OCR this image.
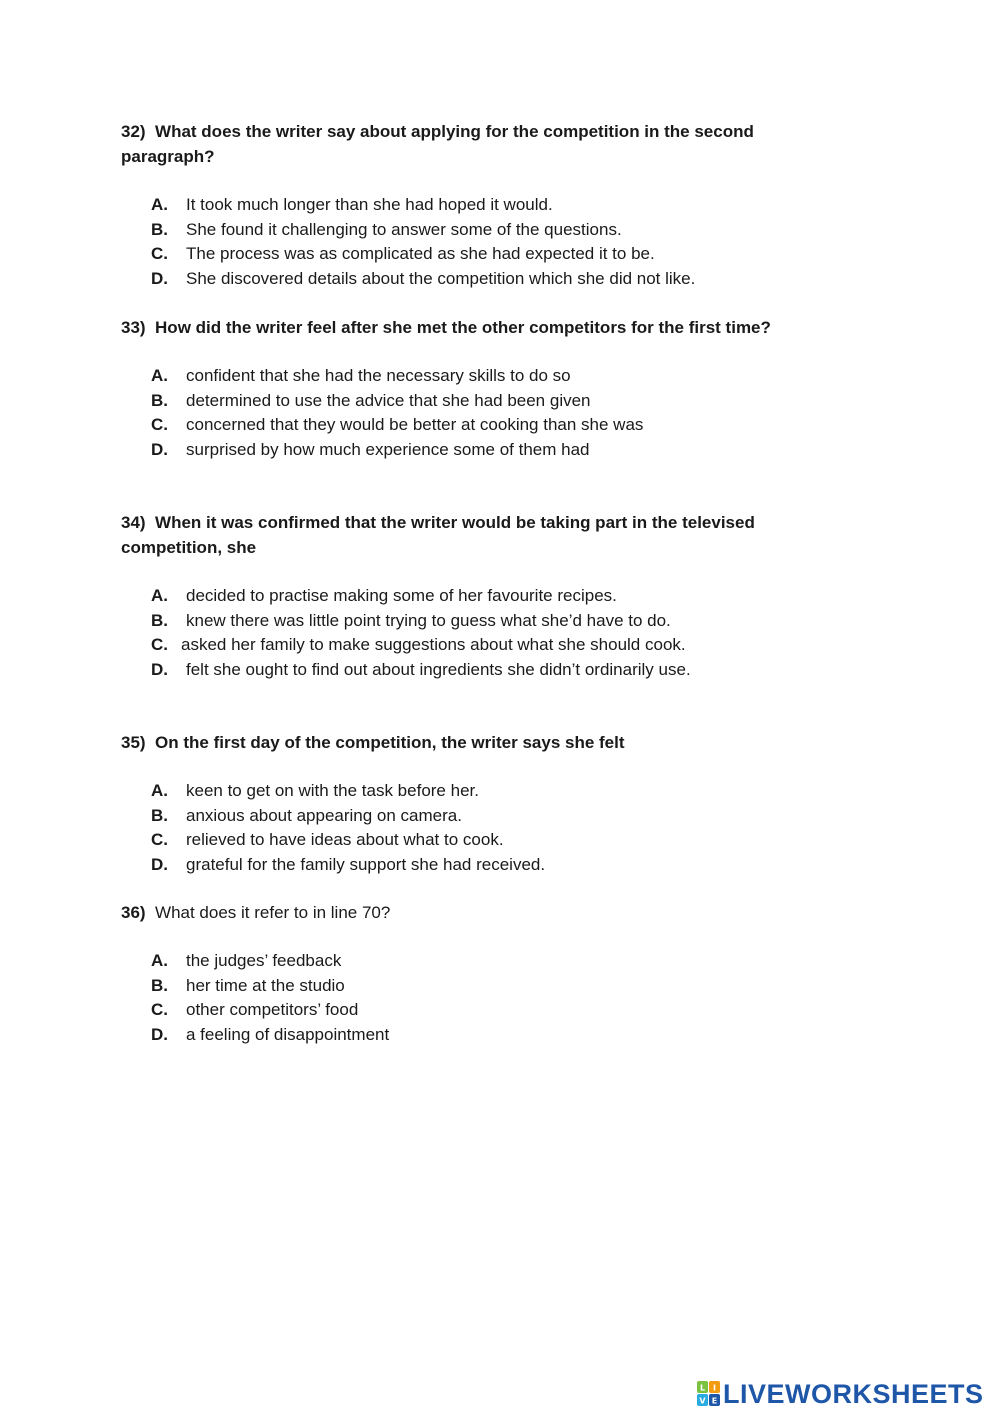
32) What does the writer say about applying for the competition in the second paragraph?

A. It took much longer than she had hoped it would.
B. She found it challenging to answer some of the questions.
C. The process was as complicated as she had expected it to be.
D. She discovered details about the competition which she did not like.

33) How did the writer feel after she met the other competitors for the first time?

A. confident that she had the necessary skills to do so
B. determined to use the advice that she had been given
C. concerned that they would be better at cooking than she was
D. surprised by how much experience some of them had

34) When it was confirmed that the writer would be taking part in the televised competition, she

A. decided to practise making some of her favourite recipes.
B. knew there was little point trying to guess what she’d have to do.
C. asked her family to make suggestions about what she should cook.
D. felt she ought to find out about ingredients she didn’t ordinarily use.

35) On the first day of the competition, the writer says she felt

A. keen to get on with the task before her.
B. anxious about appearing on camera.
C. relieved to have ideas about what to cook.
D. grateful for the family support she had received.

36) What does it refer to in line 70?

A. the judges’ feedback
B. her time at the studio
C. other competitors’ food
D. a feeling of disappointment
L I
V E LIVEWORKSHEETS
